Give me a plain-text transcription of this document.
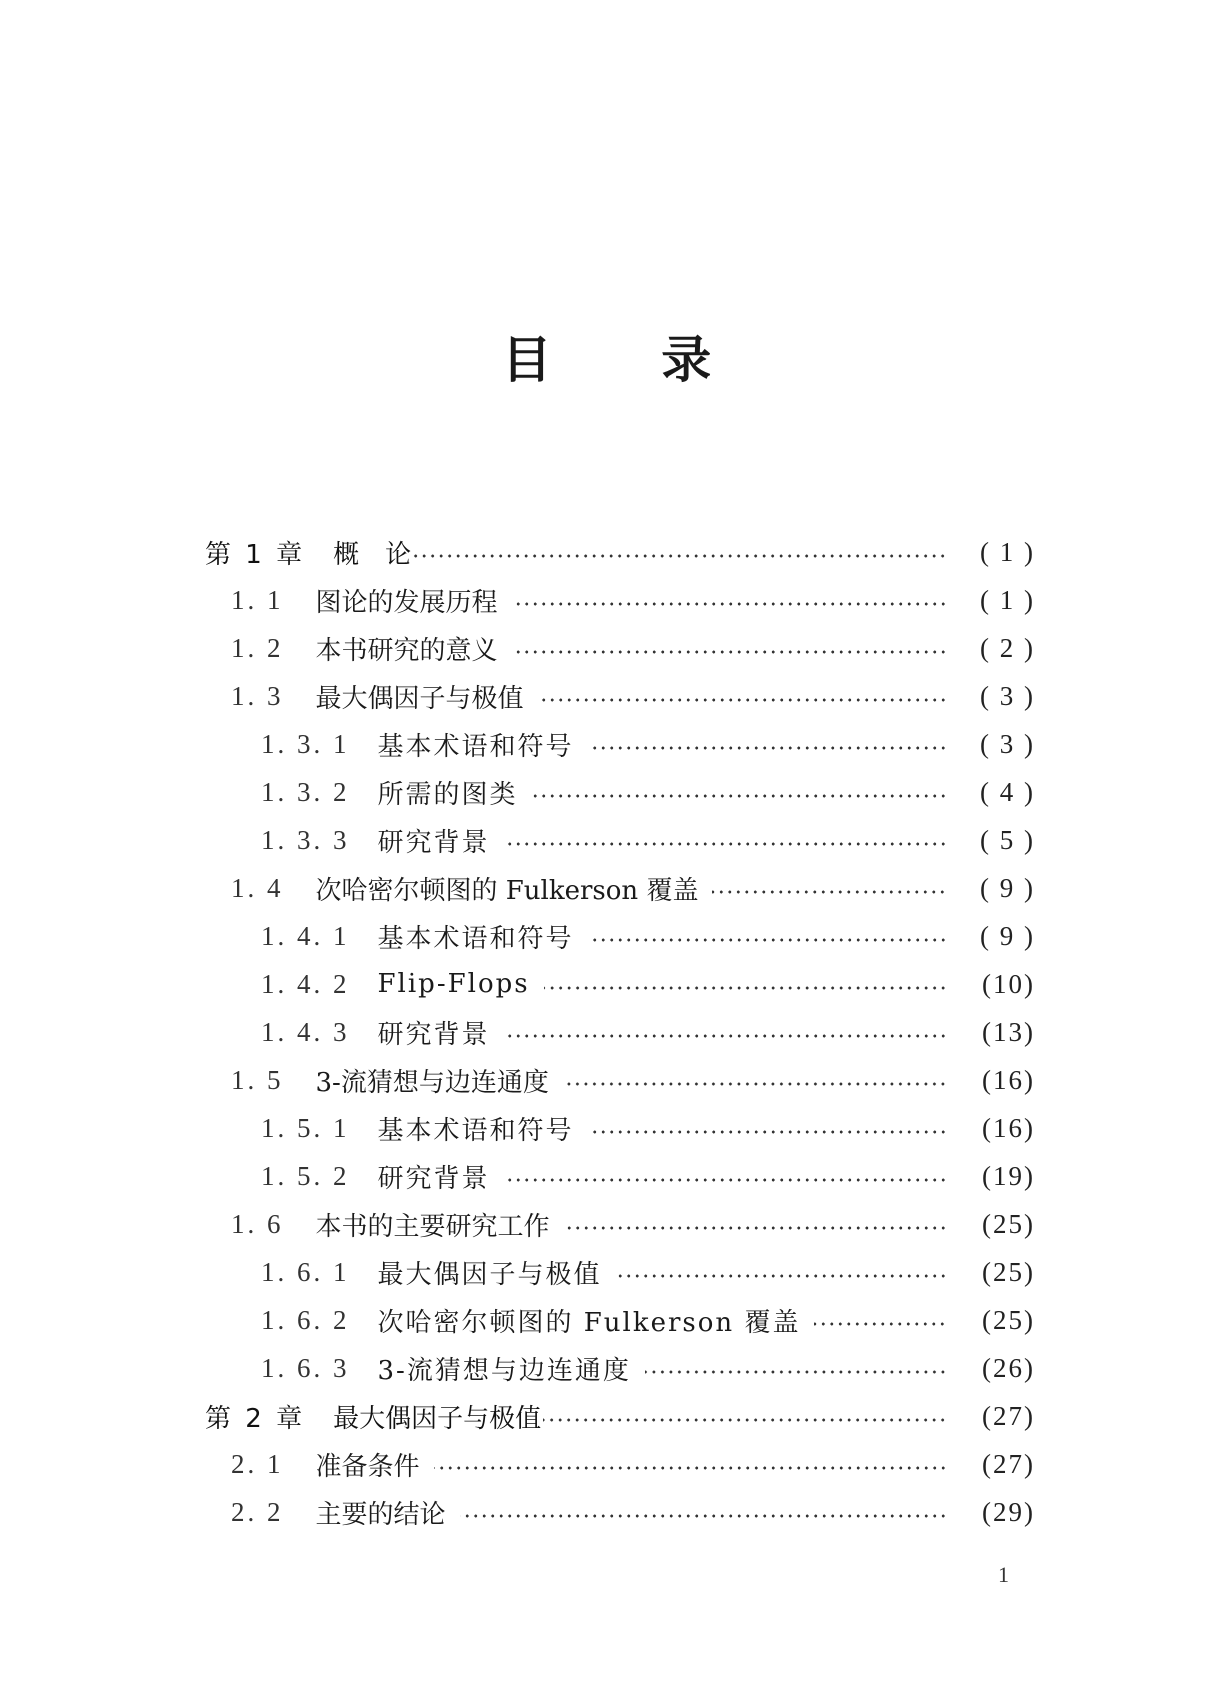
目 录
第 1 章 概　论	( 1 )
1. 1 图论的发展历程	( 1 )
1. 2 本书研究的意义	( 2 )
1. 3 最大偶因子与极值	( 3 )
1. 3. 1 基本术语和符号	( 3 )
1. 3. 2 所需的图类	( 4 )
1. 3. 3 研究背景	( 5 )
1. 4 次哈密尔顿图的 Fulkerson 覆盖	( 9 )
1. 4. 1 基本术语和符号	( 9 )
1. 4. 2 Flip-Flops	(10)
1. 4. 3 研究背景	(13)
1. 5 3-流猜想与边连通度	(16)
1. 5. 1 基本术语和符号	(16)
1. 5. 2 研究背景	(19)
1. 6 本书的主要研究工作	(25)
1. 6. 1 最大偶因子与极值	(25)
1. 6. 2 次哈密尔顿图的 Fulkerson 覆盖	(25)
1. 6. 3 3-流猜想与边连通度	(26)
第 2 章 最大偶因子与极值	(27)
2. 1 准备条件	(27)
2. 2 主要的结论	(29)
1
